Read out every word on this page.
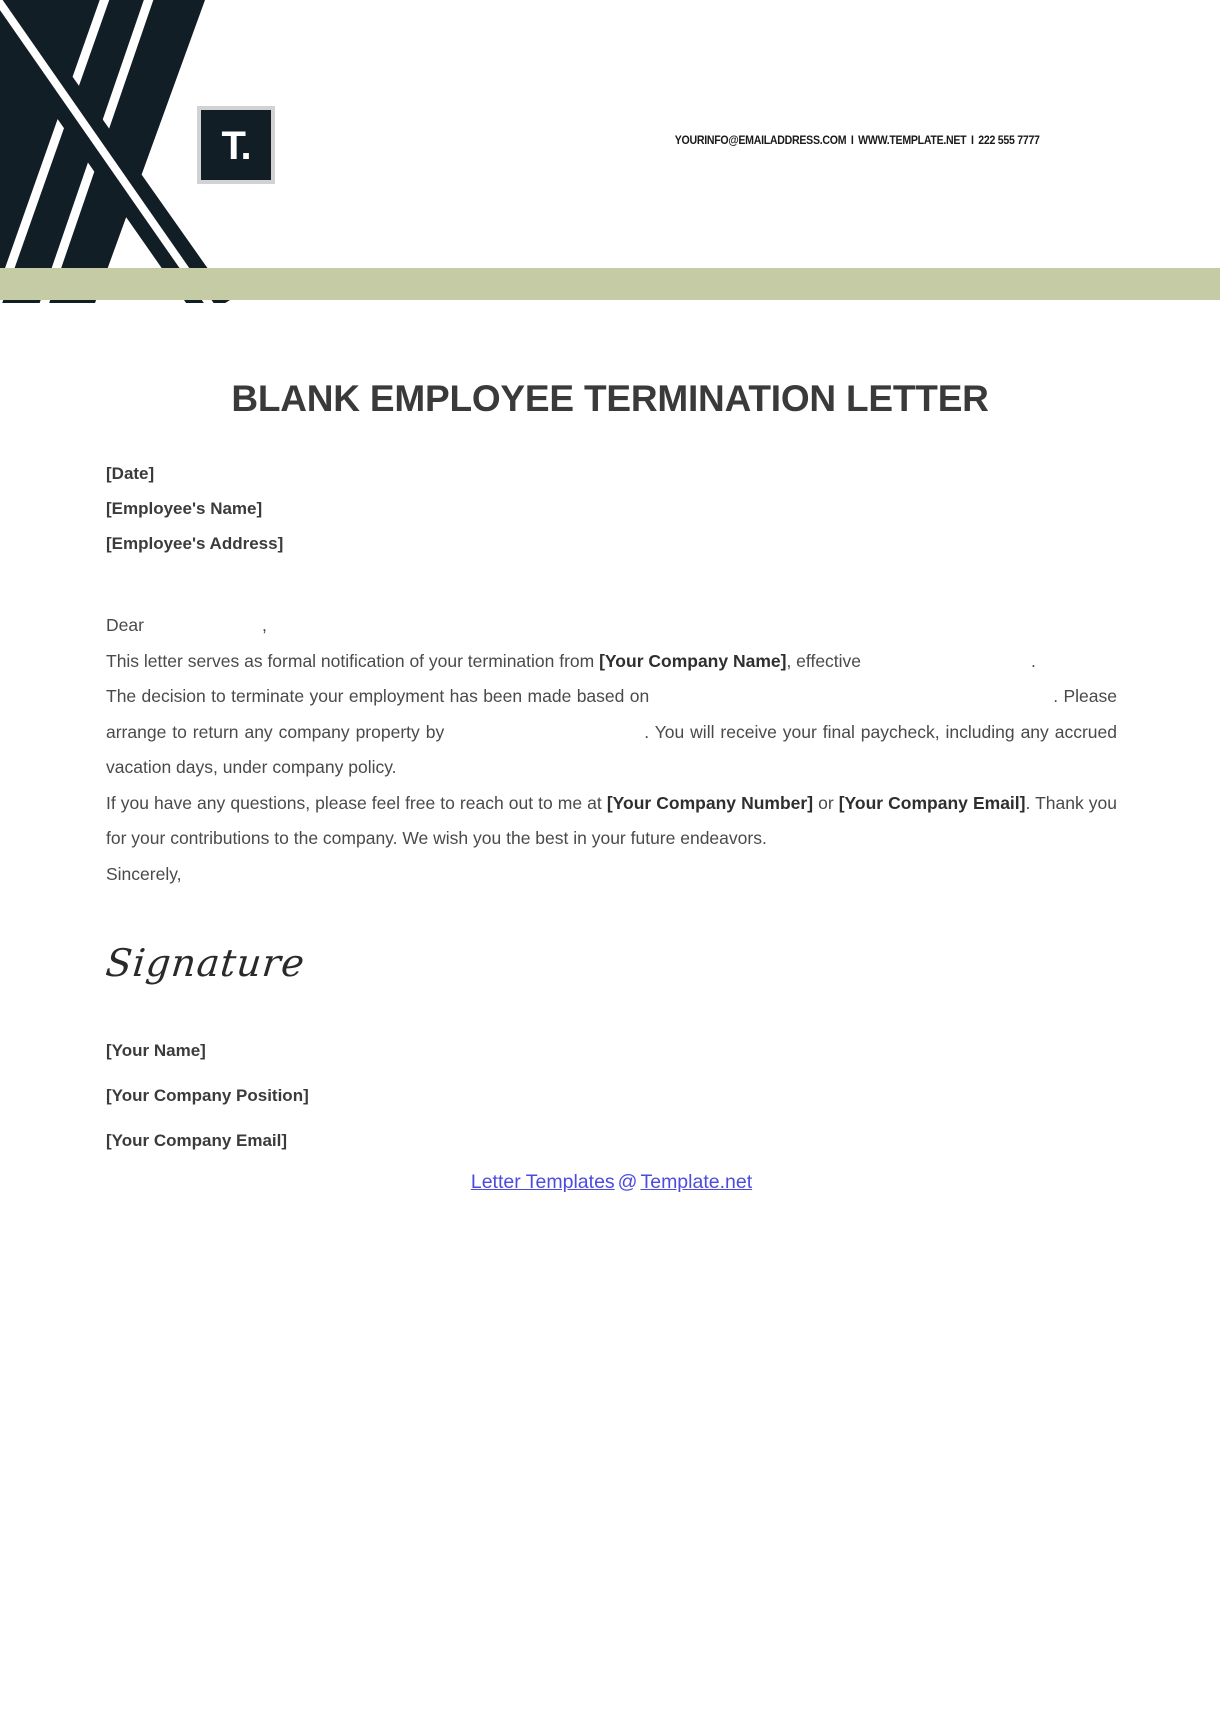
T.	YOURINFO@EMAILADDRESS.COM I WWW.TEMPLATE.NET I 222 555 7777
BLANK EMPLOYEE TERMINATION LETTER
[Date]
[Employee's Name]
[Employee's Address]

Dear	,

This letter serves as formal notification of your termination from [Your Company Name], effective	.

The decision to terminate your employment has been made based on	. Please arrange to return any company property by	. You will receive your final paycheck, including any accrued vacation days, under company policy.

If you have any questions, please feel free to reach out to me at [Your Company Number] or [Your Company Email]. Thank you for your contributions to the company. We wish you the best in your future endeavors.

Sincerely,

Signature
[Your Name]
[Your Company Position]
[Your Company Email]
Letter Templates @ Template.net
